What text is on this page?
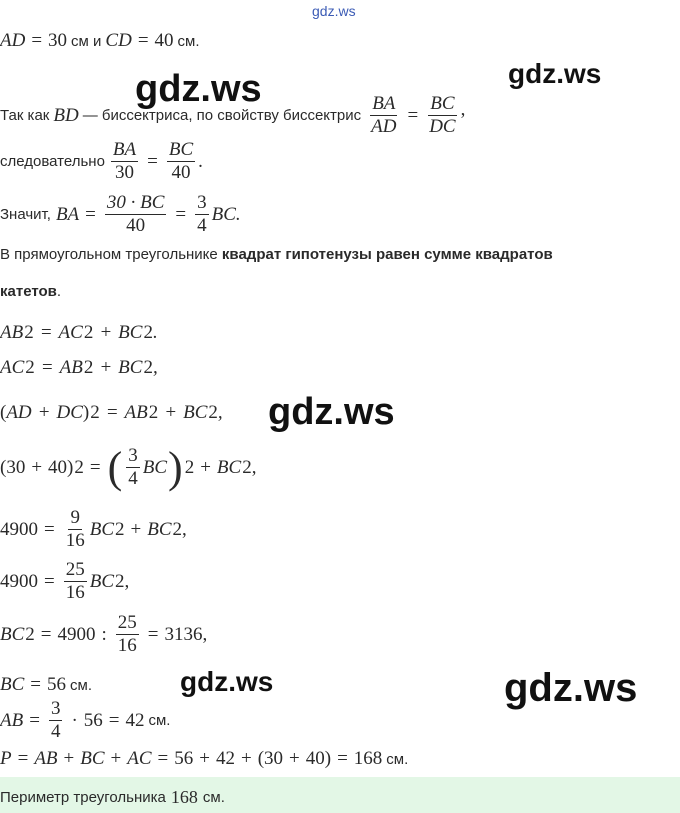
gdz.ws
AD = 30 см и CD = 40 см.
Так как BD — биссектриса, по свойству биссектрис $\frac{BA}{AD} = \frac{BC}{DC}$ ,
следовательно $\frac{BA}{30} = \frac{BC}{40}$ .
Значит, BA = $\frac{30 \cdot BC}{40} = \frac{3}{4}$ BC.
В прямоугольном треугольнике
квадрат гипотенузы равен сумме квадратов
катетов .
AB 2 = AC 2 + BC 2 .
AC 2 = AB 2 + BC 2 ,
( AD + DC ) 2 = AB 2 + BC 2 ,
(30 + 40) 2 = ( $\frac{3}{4}$ BC ) 2 + BC 2 ,
$4900 = \frac{9}{16}$ BC 2 + BC 2 ,
$4900 = \frac{25}{16}$ BC 2 ,
BC 2 = 4900 : $\frac{25}{16} = 3136$,
BC = 56 см.
AB = $\frac{3}{4} \cdot 56 = 42$ см.
P = AB + BC + AC = 56 + 42 + (30 + 40) = 168 см.
Периметр треугольника 168 см.
gdz.ws	gdz.ws
gdz.ws
gdz.ws	gdz.ws
